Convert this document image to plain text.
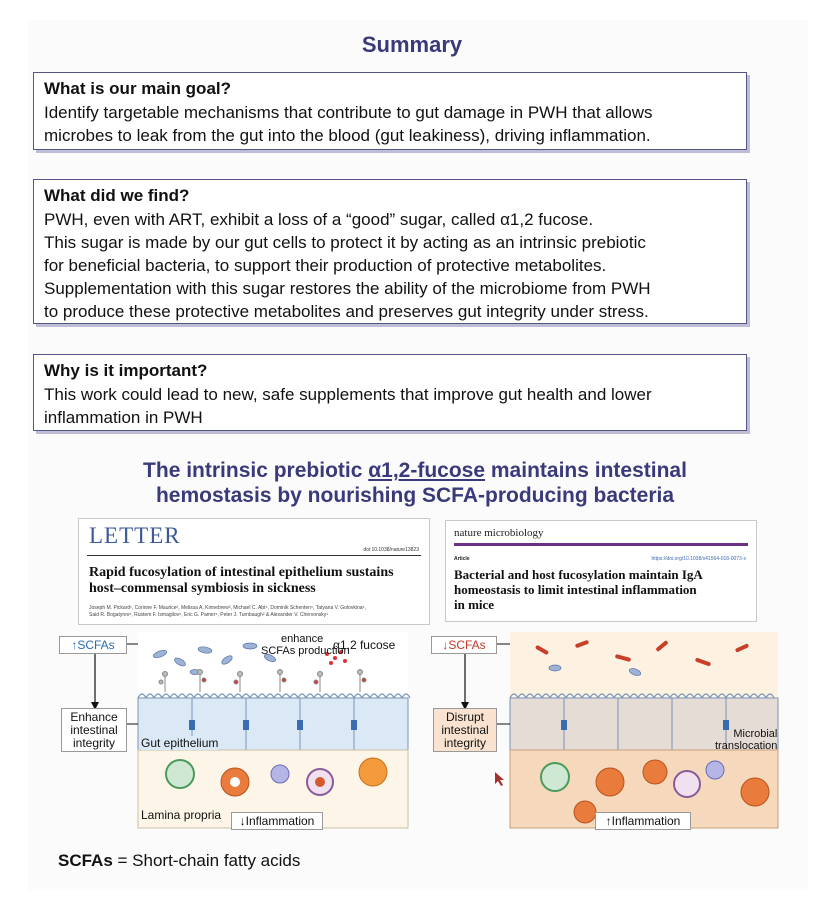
Summary
What is our main goal?

Identify targetable mechanisms that contribute to gut damage in PWH that allows

microbes to leak from the gut into the blood (gut leakiness), driving inflammation.

What did we find?

PWH, even with ART, exhibit a loss of a “good” sugar, called α1,2 fucose.

This sugar is made by our gut cells to protect it by acting as an intrinsic prebiotic

for beneficial bacteria, to support their production of protective metabolites.

Supplementation with this sugar restores the ability of the microbiome from PWH

to produce these protective metabolites and preserves gut integrity under stress.

Why is it important?

This work could lead to new, safe supplements that improve gut health and lower

inflammation in PWH

The intrinsic prebiotic α1,2-fucose maintains intestinal
hemostasis by nourishing SCFA-producing bacteria
LETTER
doi:10.1038/nature13823
Rapid fucosylation of intestinal epithelium sustains
host–commensal symbiosis in sickness
Joseph M. Pickard¹, Corinne F. Maurice², Melissa A. Kinnebrew³, Michael C. Abt⁴, Dominik Schenten⁵, Tatyana V. Golovkina⁶,
Said R. Bogatyrev⁶, Rustem F. Ismagilov⁶, Eric G. Pamer⁴, Peter J. Turnbaugh² & Alexander V. Chervonsky¹
nature microbiology
Article	https://doi.org/10.1038/s41564-018-0073-x
Bacterial and host fucosylation maintain IgA
homeostasis to limit intestinal inflammation
in mice
↑SCFAs	enhance
SCFAs production
α1,2 fucose
Enhance
intestinal
integrity	Gut epithelium
Lamina propria	↓Inflammation
↓SCFAs
Disrupt
intestinal
integrity
Microbial
translocation
↑Inflammation
SCFAs = Short-chain fatty acids
